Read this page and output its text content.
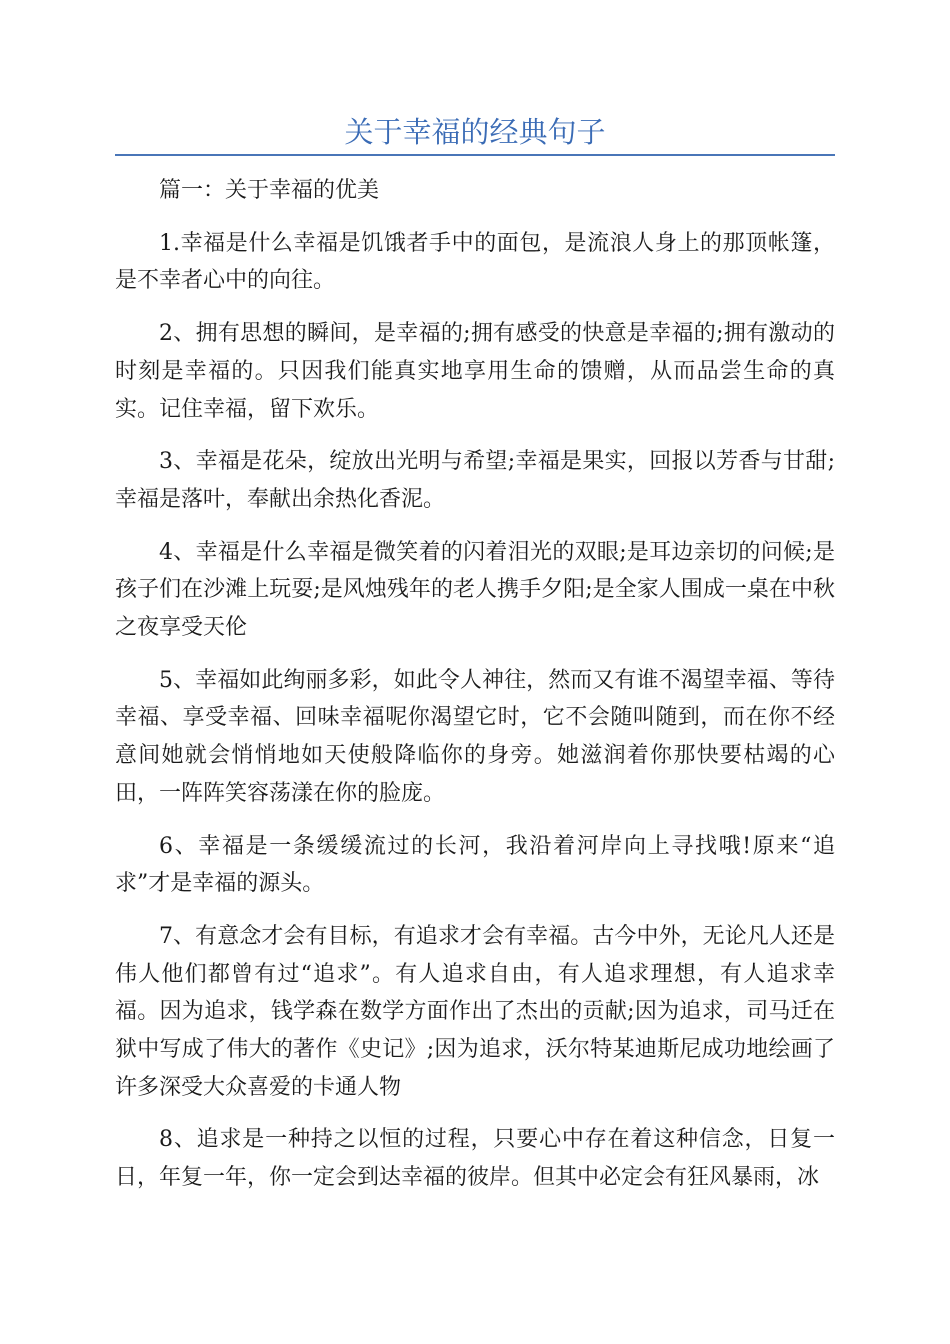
关于幸福的经典句子

篇一：关于幸福的优美

1.幸福是什么幸福是饥饿者手中的面包，是流浪人身上的那顶帐篷，是不幸者心中的向往。

2、拥有思想的瞬间，是幸福的;拥有感受的快意是幸福的;拥有激动的时刻是幸福的。只因我们能真实地享用生命的馈赠，从而品尝生命的真实。记住幸福，留下欢乐。

3、幸福是花朵，绽放出光明与希望;幸福是果实，回报以芳香与甘甜;幸福是落叶，奉献出余热化香泥。

4、幸福是什么幸福是微笑着的闪着泪光的双眼;是耳边亲切的问候;是孩子们在沙滩上玩耍;是风烛残年的老人携手夕阳;是全家人围成一桌在中秋之夜享受天伦

5、幸福如此绚丽多彩，如此令人神往，然而又有谁不渴望幸福、等待幸福、享受幸福、回味幸福呢你渴望它时，它不会随叫随到，而在你不经意间她就会悄悄地如天使般降临你的身旁。她滋润着你那快要枯竭的心田，一阵阵笑容荡漾在你的脸庞。

6、幸福是一条缓缓流过的长河，我沿着河岸向上寻找哦!原来“追求”才是幸福的源头。

7、有意念才会有目标，有追求才会有幸福。古今中外，无论凡人还是伟人他们都曾有过“追求”。有人追求自由，有人追求理想，有人追求幸福。因为追求，钱学森在数学方面作出了杰出的贡献;因为追求，司马迁在狱中写成了伟大的著作《史记》;因为追求，沃尔特某迪斯尼成功地绘画了许多深受大众喜爱的卡通人物

8、追求是一种持之以恒的过程，只要心中存在着这种信念，日复一日，年复一年，你一定会到达幸福的彼岸。但其中必定会有狂风暴雨，冰
